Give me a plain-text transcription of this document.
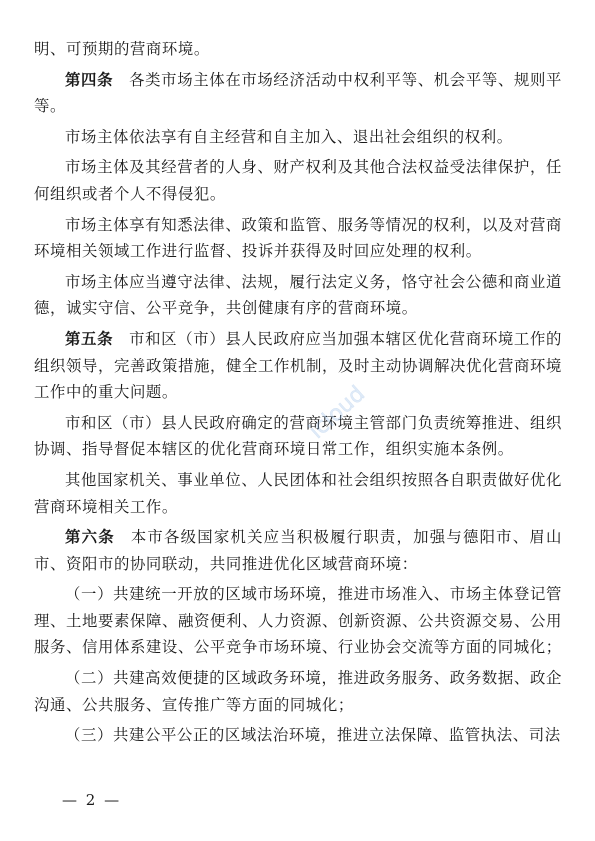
明、可预期的营商环境。

第四条 各类市场主体在市场经济活动中权利平等、机会平等、规则平等。

市场主体依法享有自主经营和自主加入、退出社会组织的权利。

市场主体及其经营者的人身、财产权利及其他合法权益受法律保护，任何组织或者个人不得侵犯。

市场主体享有知悉法律、政策和监管、服务等情况的权利，以及对营商环境相关领域工作进行监督、投诉并获得及时回应处理的权利。

市场主体应当遵守法律、法规，履行法定义务，恪守社会公德和商业道德，诚实守信、公平竞争，共创健康有序的营商环境。

第五条 市和区（市）县人民政府应当加强本辖区优化营商环境工作的组织领导，完善政策措施，健全工作机制，及时主动协调解决优化营商环境工作中的重大问题。

市和区（市）县人民政府确定的营商环境主管部门负责统筹推进、组织协调、指导督促本辖区的优化营商环境日常工作，组织实施本条例。

其他国家机关、事业单位、人民团体和社会组织按照各自职责做好优化营商环境相关工作。

第六条 本市各级国家机关应当积极履行职责，加强与德阳市、眉山市、资阳市的协同联动，共同推进优化区域营商环境：

（一）共建统一开放的区域市场环境，推进市场准入、市场主体登记管理、土地要素保障、融资便利、人力资源、创新资源、公共资源交易、公用服务、信用体系建设、公平竞争市场环境、行业协会交流等方面的同城化；

（二）共建高效便捷的区域政务环境，推进政务服务、政务数据、政企沟通、公共服务、宣传推广等方面的同城化；

（三）共建公平公正的区域法治环境，推进立法保障、监管执法、司法

icloud
— 2 —
